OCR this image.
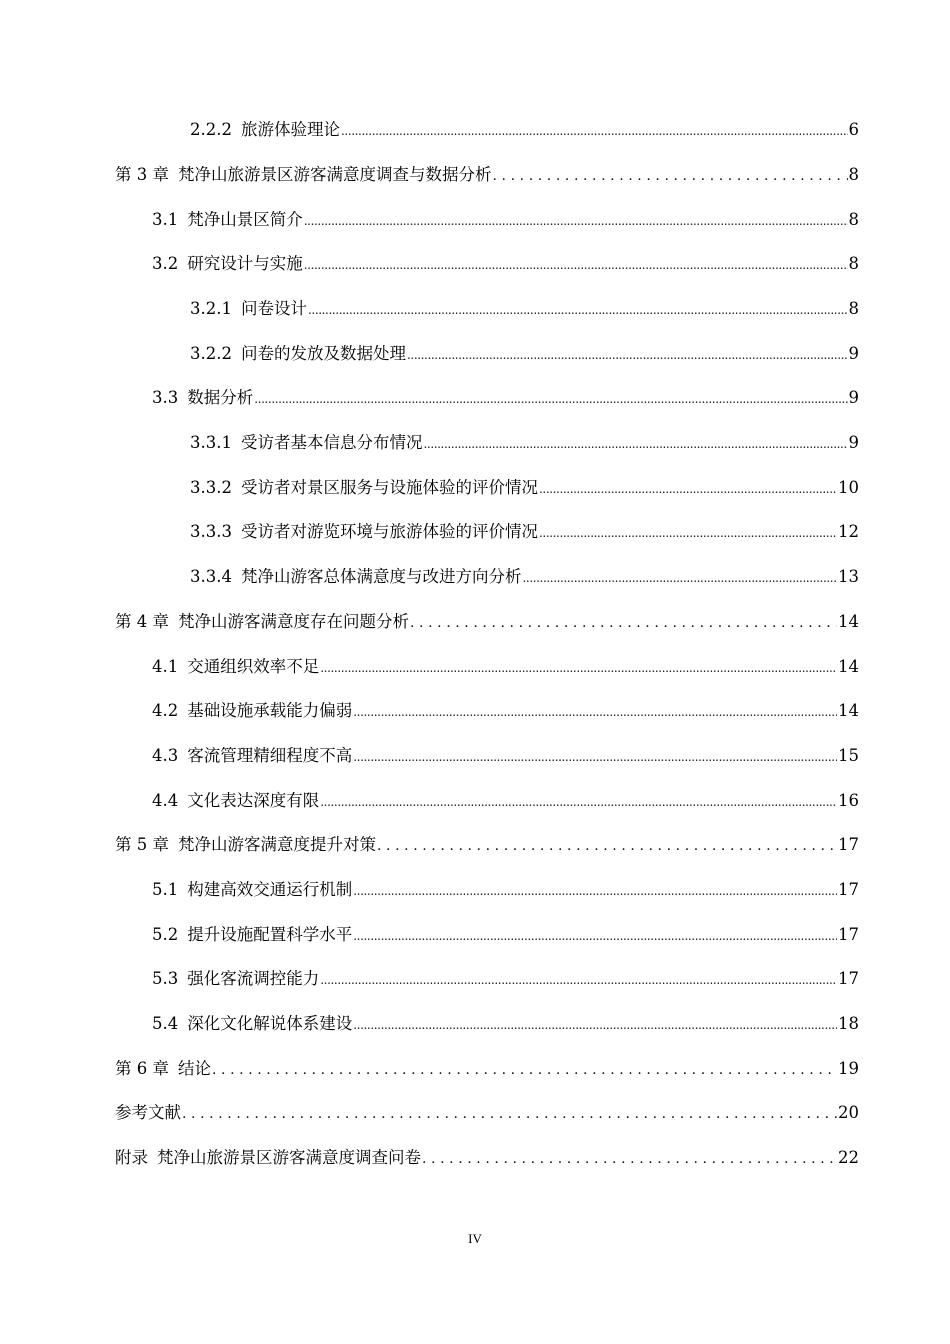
2.2.2 旅游体验理论 .....	6
第 3 章 梵净山旅游景区游客满意度调查与数据分析 .....	8
3.1 梵净山景区简介 .....	8
3.2 研究设计与实施 .....	8
3.2.1 问卷设计 .....	8
3.2.2 问卷的发放及数据处理 .....	9
3.3 数据分析 .....	9
3.3.1 受访者基本信息分布情况 .....	9
3.3.2 受访者对景区服务与设施体验的评价情况 .....	10
3.3.3 受访者对游览环境与旅游体验的评价情况 .....	12
3.3.4 梵净山游客总体满意度与改进方向分析 .....	13
第 4 章 梵净山游客满意度存在问题分析 .....	14
4.1 交通组织效率不足 .....	14
4.2 基础设施承载能力偏弱 .....	14
4.3 客流管理精细程度不高 .....	15
4.4 文化表达深度有限 .....	16
第 5 章 梵净山游客满意度提升对策 .....	17
5.1 构建高效交通运行机制 .....	17
5.2 提升设施配置科学水平 .....	17
5.3 强化客流调控能力 .....	17
5.4 深化文化解说体系建设 .....	18
第 6 章 结论 .....	19
参考文献 .....	20
附录 梵净山旅游景区游客满意度调查问卷 .....	22
IV
